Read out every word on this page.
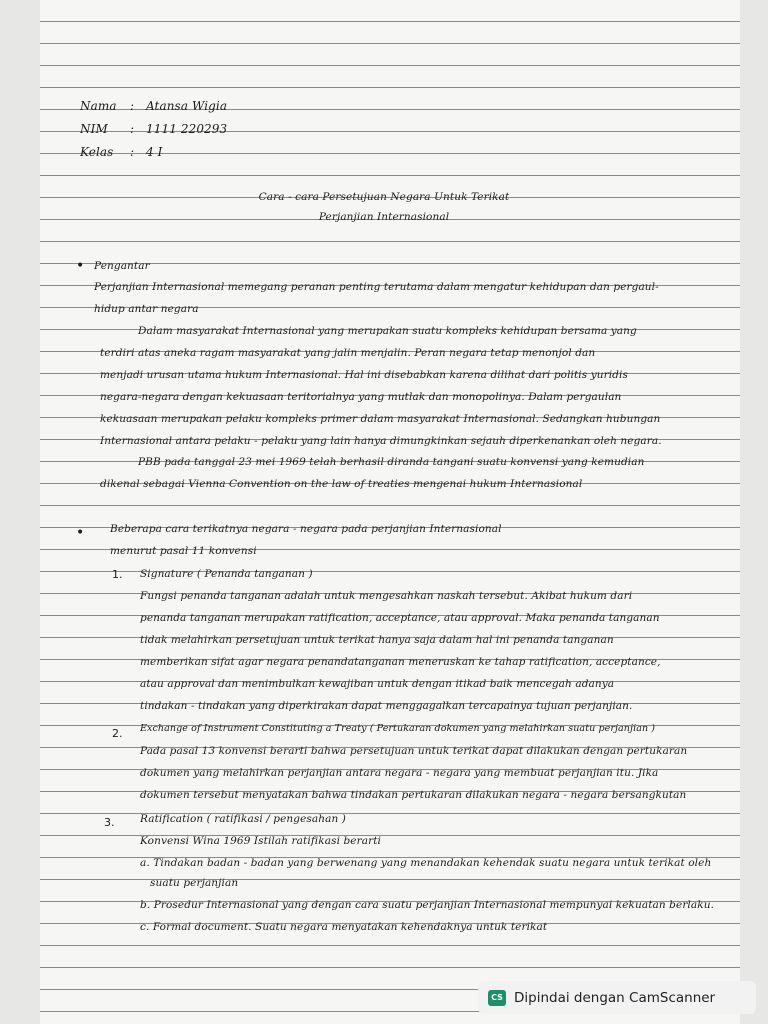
Nama : Atansa Wigia
NIM : 1111 220293
Kelas : 4 I
Cara - cara Persetujuan Negara Untuk Terikat
Perjanjian Internasional
• Pengantar
Perjanjian Internasional memegang peranan penting terutama dalam mengatur kehidupan dan pergaul-
hidup antar negara
Dalam masyarakat Internasional yang merupakan suatu kompleks kehidupan bersama yang
terdiri atas aneka ragam masyarakat yang jalin menjalin. Peran negara tetap menonjol dan
menjadi urusan utama hukum Internasional. Hal ini disebabkan karena dilihat dari politis yuridis
negara-negara dengan kekuasaan teritorialnya yang mutlak dan monopolinya. Dalam pergaulan
kekuasaan merupakan pelaku kompleks primer dalam masyarakat Internasional. Sedangkan hubungan
Internasional antara pelaku - pelaku yang lain hanya dimungkinkan sejauh diperkenankan oleh negara.
PBB pada tanggal 23 mei 1969 telah berhasil diranda tangani suatu konvensi yang kemudian
dikenal sebagai Vienna Convention on the law of treaties mengenai hukum Internasional
• Beberapa cara terikatnya negara - negara pada perjanjian Internasional
menurut pasal 11 konvensi
1. Signature ( Penanda tanganan )
Fungsi penanda tanganan adalah untuk mengesahkan naskah tersebut. Akibat hukum dari
penanda tanganan merupakan ratification, acceptance, atau approval. Maka penanda tanganan
tidak melahirkan persetujuan untuk terikat hanya saja dalam hal ini penanda tanganan
memberikan sifat agar negara penandatanganan meneruskan ke tahap ratification, acceptance,
atau approval dan menimbulkan kewajiban untuk dengan itikad baik mencegah adanya
tindakan - tindakan yang diperkirakan dapat menggagalkan tercapainya tujuan perjanjian.
2. Exchange of Instrument Constituting a Treaty ( Pertukaran dokumen yang melahirkan suatu perjanjian )
Pada pasal 13 konvensi berarti bahwa persetujuan untuk terikat dapat dilakukan dengan pertukaran
dokumen yang melahirkan perjanjian antara negara - negara yang membuat perjanjian itu. Jika
dokumen tersebut menyatakan bahwa tindakan pertukaran dilakukan negara - negara bersangkutan
3. Ratification ( ratifikasi / pengesahan )
Konvensi Wina 1969 Istilah ratifikasi berarti
a. Tindakan badan - badan yang berwenang yang menandakan kehendak suatu negara untuk terikat oleh
suatu perjanjian
b. Prosedur Internasional yang dengan cara suatu perjanjian Internasional mempunyai kekuatan berlaku.
c. Formal document. Suatu negara menyatakan kehendaknya untuk terikat
CS Dipindai dengan CamScanner
